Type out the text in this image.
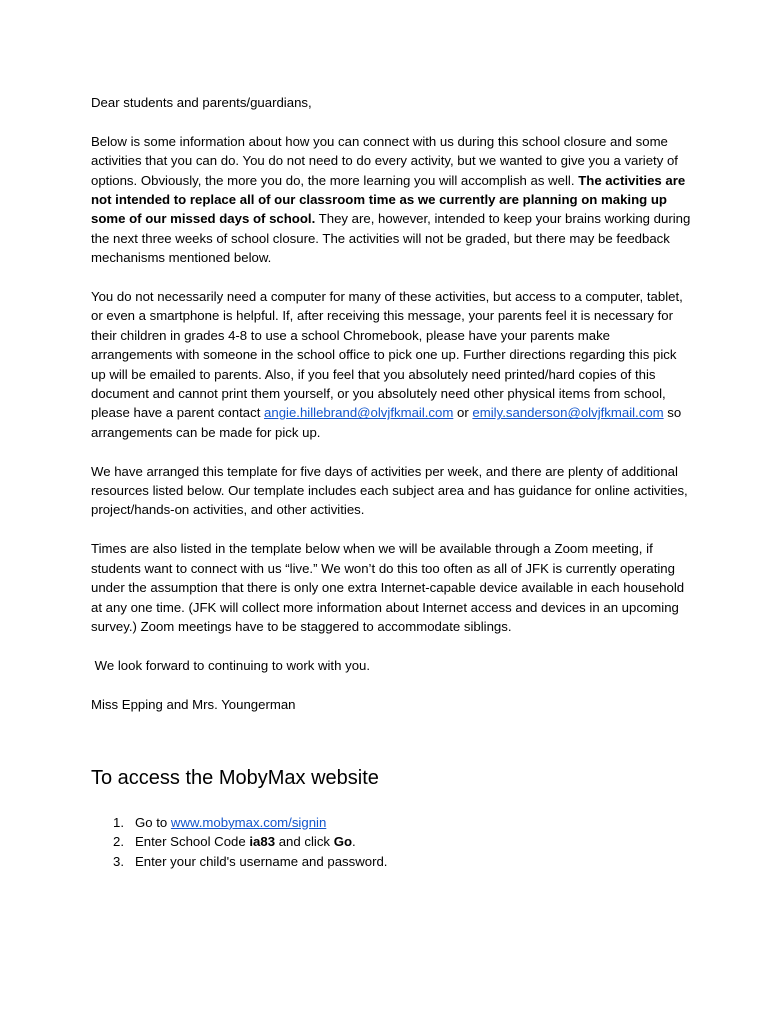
Dear students and parents/guardians,

Below is some information about how you can connect with us during this school closure and some activities that you can do. You do not need to do every activity, but we wanted to give you a variety of options. Obviously, the more you do, the more learning you will accomplish as well. The activities are not intended to replace all of our classroom time as we currently are planning on making up some of our missed days of school. They are, however, intended to keep your brains working during the next three weeks of school closure. The activities will not be graded, but there may be feedback mechanisms mentioned below.

You do not necessarily need a computer for many of these activities, but access to a computer, tablet, or even a smartphone is helpful. If, after receiving this message, your parents feel it is necessary for their children in grades 4-8 to use a school Chromebook, please have your parents make arrangements with someone in the school office to pick one up. Further directions regarding this pick up will be emailed to parents. Also, if you feel that you absolutely need printed/hard copies of this document and cannot print them yourself, or you absolutely need other physical items from school, please have a parent contact angie.hillebrand@olvjfkmail.com or emily.sanderson@olvjfkmail.com so arrangements can be made for pick up.

We have arranged this template for five days of activities per week, and there are plenty of additional resources listed below. Our template includes each subject area and has guidance for online activities, project/hands-on activities, and other activities.

Times are also listed in the template below when we will be available through a Zoom meeting, if students want to connect with us “live.” We won’t do this too often as all of JFK is currently operating under the assumption that there is only one extra Internet-capable device available in each household at any one time. (JFK will collect more information about Internet access and devices in an upcoming survey.) Zoom meetings have to be staggered to accommodate siblings.

We look forward to continuing to work with you.

Miss Epping and Mrs. Youngerman

To access the MobyMax website
1. Go to www.mobymax.com/signin
2. Enter School Code ia83 and click Go.
3. Enter your child's username and password.
